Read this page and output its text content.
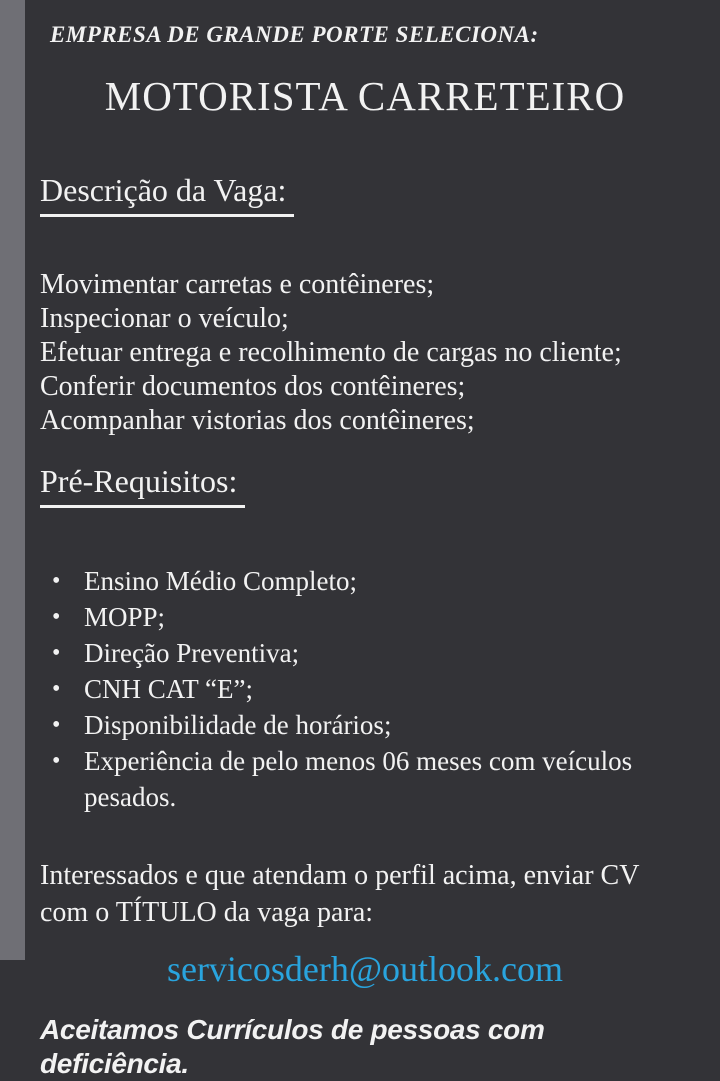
EMPRESA DE GRANDE PORTE SELECIONA:
MOTORISTA CARRETEIRO
Descrição da Vaga:
Movimentar carretas e contêineres;
Inspecionar o veículo;
Efetuar entrega e recolhimento de cargas no cliente;
Conferir documentos dos contêineres;
Acompanhar vistorias dos contêineres;
Pré-Requisitos:
• Ensino Médio Completo;
• MOPP;
• Direção Preventiva;
• CNH CAT “E”;
• Disponibilidade de horários;
• Experiência de pelo menos 06 meses com veículos pesados.
Interessados e que atendam o perfil acima, enviar CV com o TÍTULO da vaga para:
servicosderh@outlook.com
Aceitamos Currículos de pessoas com deficiência.
